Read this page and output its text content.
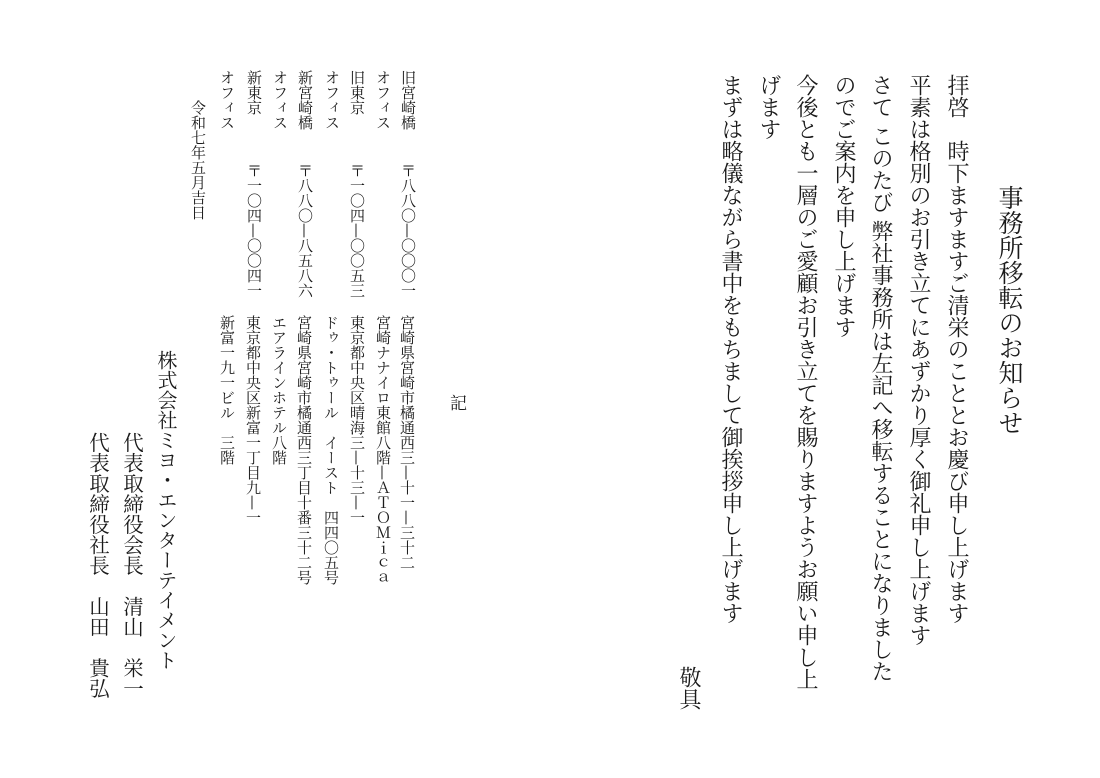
事務所移転のお知らせ
拝啓　時下ますますご清栄のこととお慶び申し上げます
平素は格別のお引き立てにあずかり厚く御礼申し上げます
さて このたび 弊社事務所は左記へ移転することになりました
のでご案内を申し上げます
今後とも一層のご愛顧お引き立てを賜りますようお願い申し上
げます
まずは略儀ながら書中をもちまして御挨拶申し上げます
敬具
記
旧宮崎橋
オフィス
〒八八〇—〇〇〇一
宮崎県宮崎市橘通西三—十一—三十二
宮崎ナナイロ東館八階—ＡＴＯＭｉｃａ
旧東京
オフィス
〒一〇四—〇〇五三
東京都中央区晴海三—十三—一
ドゥ・トゥール　イースト　四四〇五号
新宮崎橋
オフィス
〒八八〇—八五八六
宮崎県宮崎市橘通西三丁目十番三十二号
エアラインホテル八階
新東京
オフィス
〒一〇四—〇〇四一
東京都中央区新富一丁目九—一
新富一九一ビル　三階
令和七年五月吉日
株式会社ミヨ・エンターテイメント
代表取締役会長　清山　栄一
代表取締役社長　山田　貴弘
